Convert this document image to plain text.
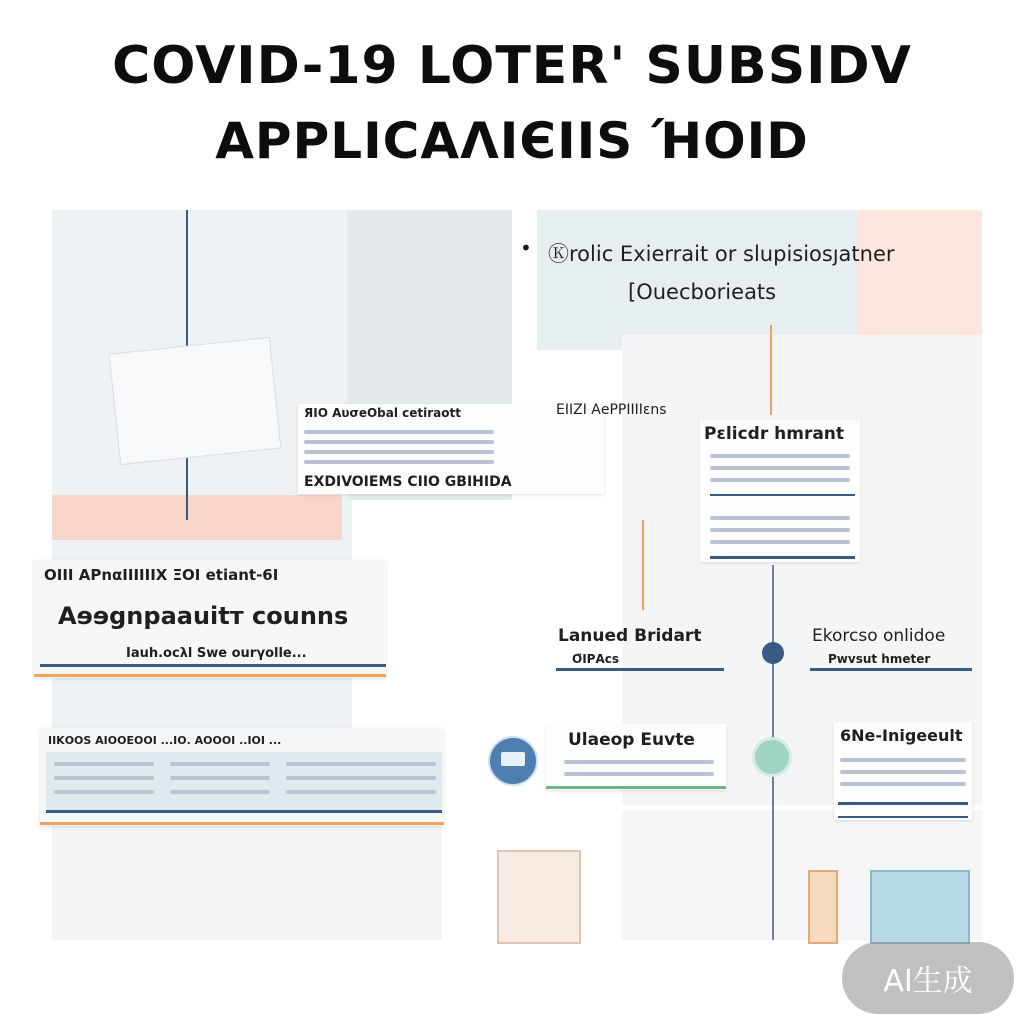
COVID-19 LOTER' SUBSIDV
APPLICAΛIЄIIS ΉOID
• Ⓚrolic Exierrait or slupisiosյatner
[Ouecborieats
ЯΙΟ ΑυσeObal cetiraott
EXDIVOIEMS CΙΙΟ GBIΗΙDA
ΕΙΙΖΙ ΑeΡΡΙΙΙΙεns
Ρεlicdr hmrant
ΟΙΙΙ ΑΡnαΙΙΙΙΙΙΧ ΞΟΙ etiant-6Ι
Aɘɘgnpaauitᴛ counns
Ιauh.ocλl Swe ourγolle...
ΙΙΚΟΟS ΑΙΟΟΕΟΟΙ ...ΙΟ. ΑΟΟΟΙ ..ΙΟΙ ...
Lanued Bridart
Ο̈ΙΡΑcs
Ekorcso onlidoe
Ρwvsut hmeter
Ulaeop Euvte	6Ne-Inigeeult
AI生成
